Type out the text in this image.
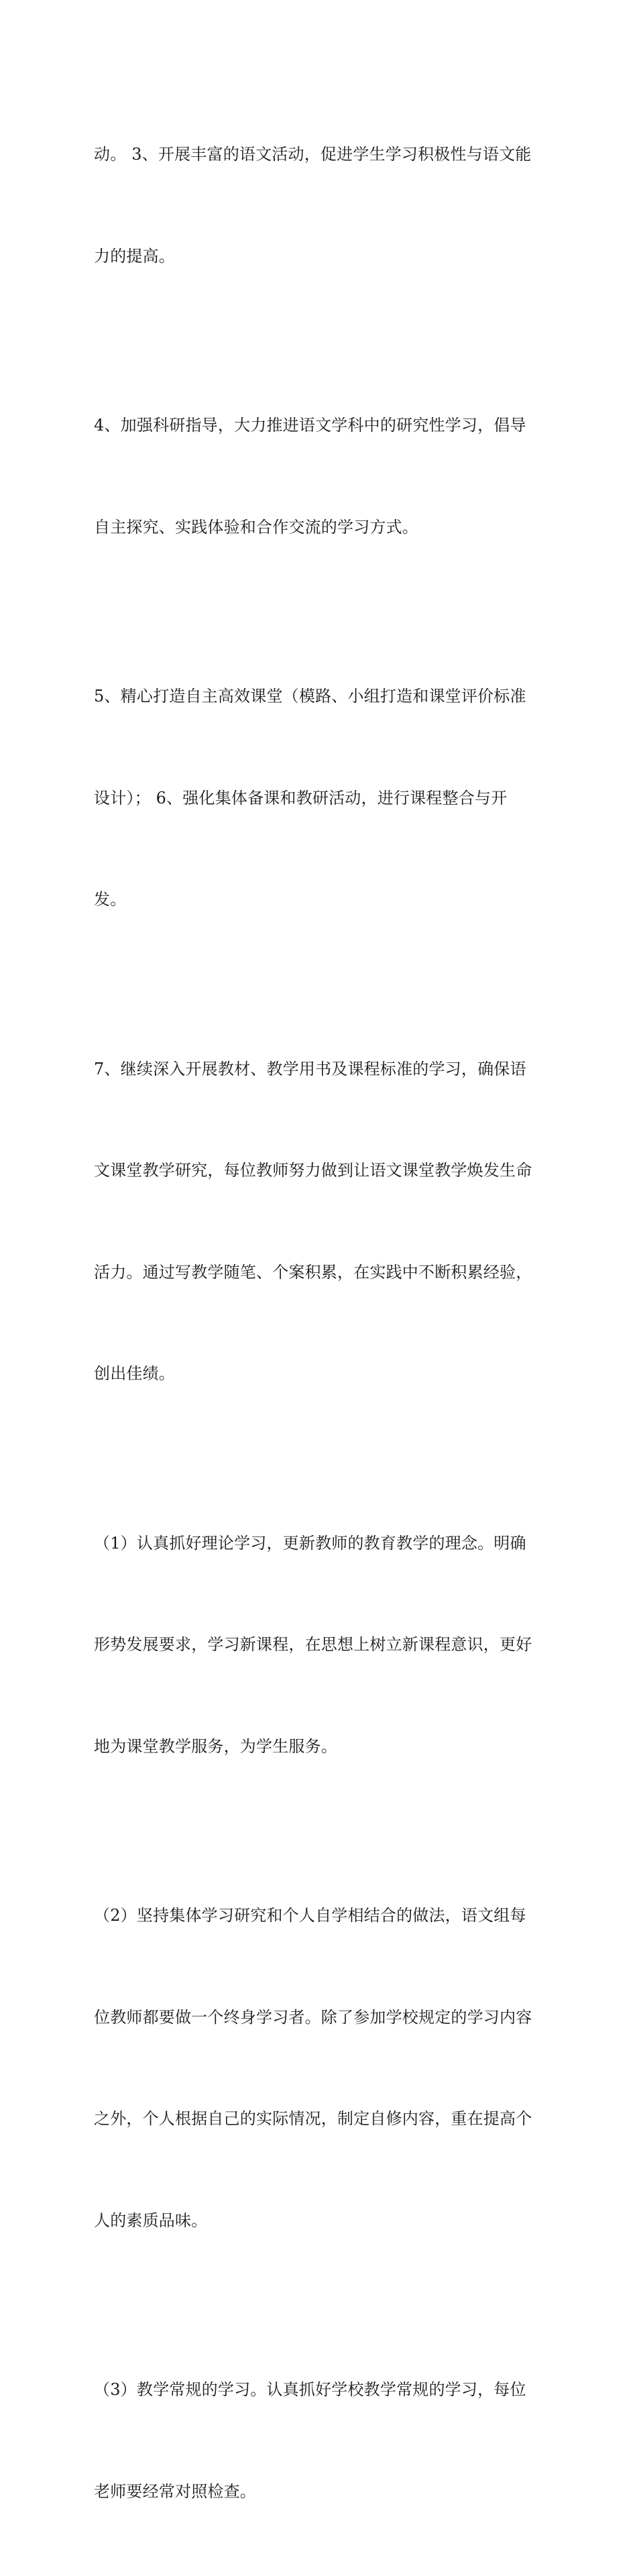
动。 3、开展丰富的语文活动，促进学生学习积极性与语文能

力的提高。

4、加强科研指导，大力推进语文学科中的研究性学习，倡导

自主探究、实践体验和合作交流的学习方式。

5、精心打造自主高效课堂（模路、小组打造和课堂评价标准

设计）； 6、强化集体备课和教研活动，进行课程整合与开

发。

7、继续深入开展教材、教学用书及课程标准的学习，确保语

文课堂教学研究，每位教师努力做到让语文课堂教学焕发生命

活力。通过写教学随笔、个案积累，在实践中不断积累经验，

创出佳绩。

（1）认真抓好理论学习，更新教师的教育教学的理念。明确

形势发展要求，学习新课程，在思想上树立新课程意识，更好

地为课堂教学服务，为学生服务。

（2）坚持集体学习研究和个人自学相结合的做法，语文组每

位教师都要做一个终身学习者。除了参加学校规定的学习内容

之外，个人根据自己的实际情况，制定自修内容，重在提高个

人的素质品味。

（3）教学常规的学习。认真抓好学校教学常规的学习，每位

老师要经常对照检查。
